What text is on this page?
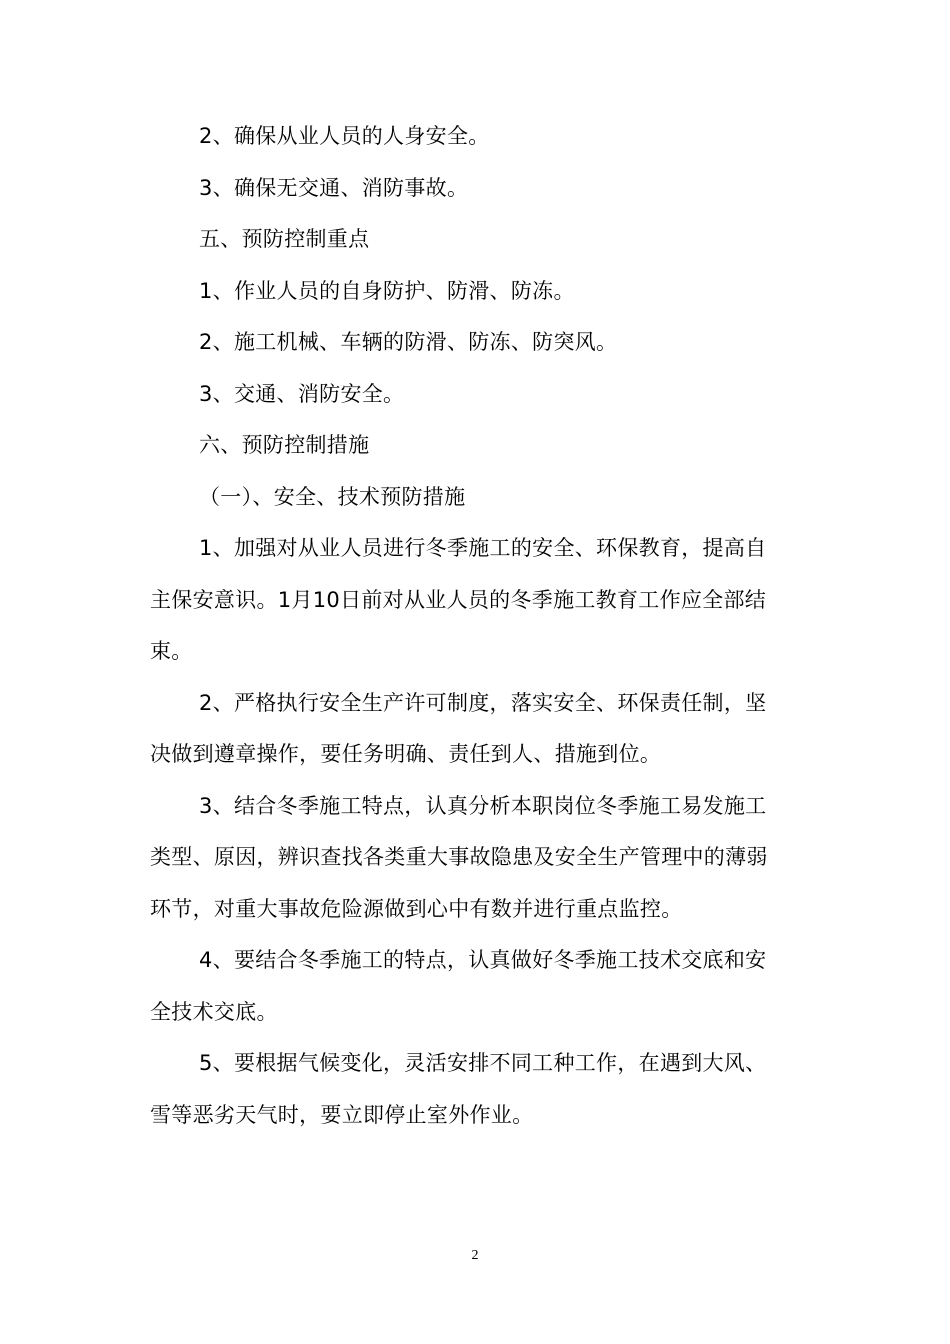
2、确保从业人员的人身安全。
3、确保无交通、消防事故。
五、预防控制重点
1、作业人员的自身防护、防滑、防冻。
2、施工机械、车辆的防滑、防冻、防突风。
3、交通、消防安全。
六、预防控制措施
（一）、安全、技术预防措施
1、加强对从业人员进行冬季施工的安全、环保教育，提高自
主保安意识。1月10日前对从业人员的冬季施工教育工作应全部结
束。
2、严格执行安全生产许可制度，落实安全、环保责任制，坚
决做到遵章操作，要任务明确、责任到人、措施到位。
3、结合冬季施工特点，认真分析本职岗位冬季施工易发施工
类型、原因，辨识查找各类重大事故隐患及安全生产管理中的薄弱
环节，对重大事故危险源做到心中有数并进行重点监控。
4、要结合冬季施工的特点，认真做好冬季施工技术交底和安
全技术交底。
5、要根据气候变化，灵活安排不同工种工作，在遇到大风、
雪等恶劣天气时，要立即停止室外作业。
2
